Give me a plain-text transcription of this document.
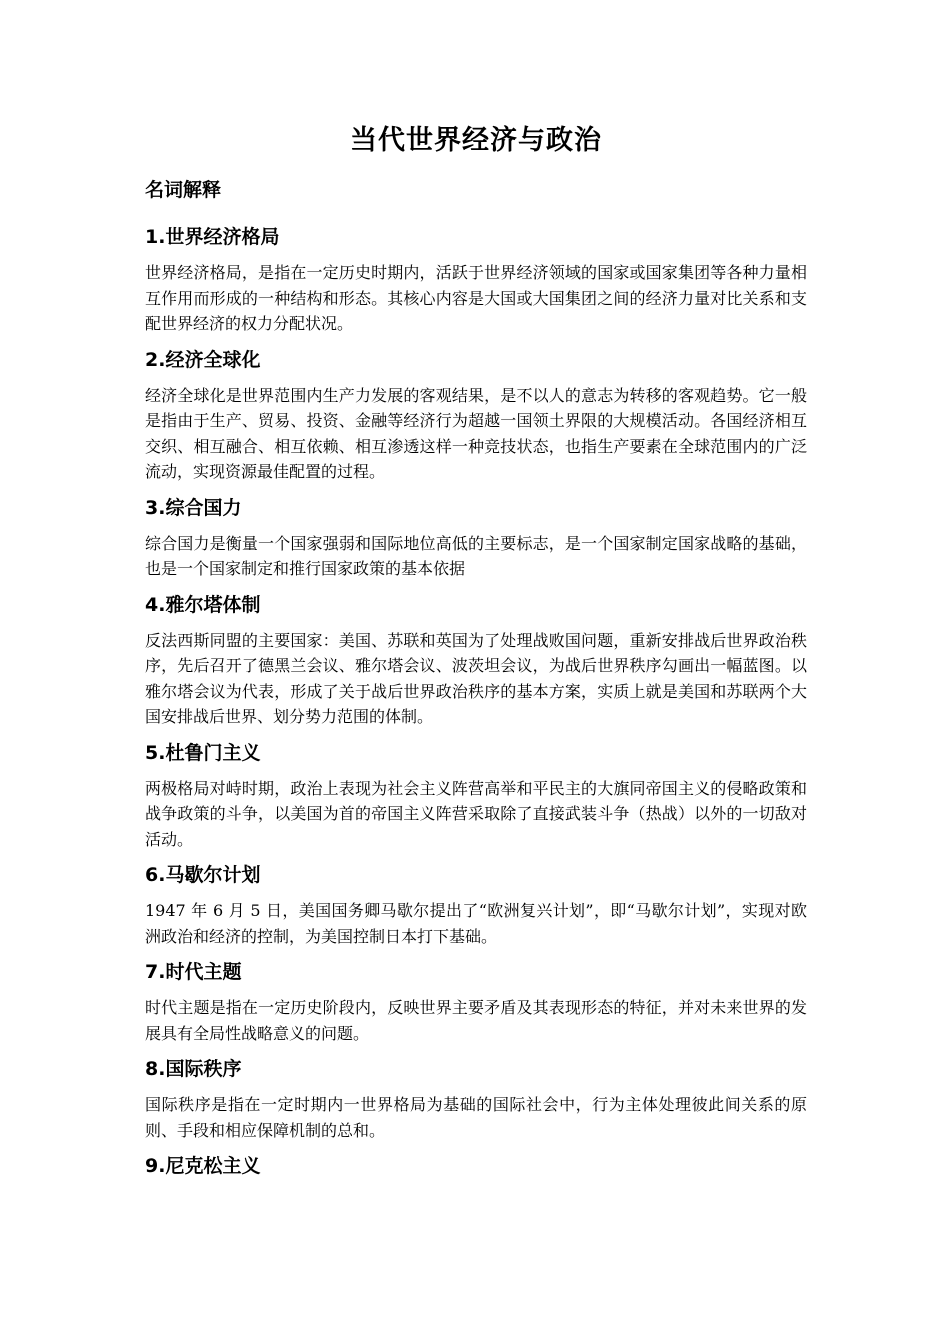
当代世界经济与政治
名词解释
1.世界经济格局

世界经济格局，是指在一定历史时期内，活跃于世界经济领域的国家或国家集团等各种力量相互作用而形成的一种结构和形态。其核心内容是大国或大国集团之间的经济力量对比关系和支配世界经济的权力分配状况。

2.经济全球化

经济全球化是世界范围内生产力发展的客观结果，是不以人的意志为转移的客观趋势。它一般是指由于生产、贸易、投资、金融等经济行为超越一国领土界限的大规模活动。各国经济相互交织、相互融合、相互依赖、相互渗透这样一种竞技状态，也指生产要素在全球范围内的广泛流动，实现资源最佳配置的过程。

3.综合国力

综合国力是衡量一个国家强弱和国际地位高低的主要标志，是一个国家制定国家战略的基础，也是一个国家制定和推行国家政策的基本依据

4.雅尔塔体制

反法西斯同盟的主要国家：美国、苏联和英国为了处理战败国问题，重新安排战后世界政治秩序，先后召开了德黑兰会议、雅尔塔会议、波茨坦会议，为战后世界秩序勾画出一幅蓝图。以雅尔塔会议为代表，形成了关于战后世界政治秩序的基本方案，实质上就是美国和苏联两个大国安排战后世界、划分势力范围的体制。

5.杜鲁门主义

两极格局对峙时期，政治上表现为社会主义阵营高举和平民主的大旗同帝国主义的侵略政策和战争政策的斗争，以美国为首的帝国主义阵营采取除了直接武装斗争（热战）以外的一切敌对活动。

6.马歇尔计划

1947 年 6 月 5 日，美国国务卿马歇尔提出了“欧洲复兴计划”，即“马歇尔计划”，实现对欧洲政治和经济的控制，为美国控制日本打下基础。

7.时代主题

时代主题是指在一定历史阶段内，反映世界主要矛盾及其表现形态的特征，并对未来世界的发展具有全局性战略意义的问题。

8.国际秩序

国际秩序是指在一定时期内一世界格局为基础的国际社会中，行为主体处理彼此间关系的原则、手段和相应保障机制的总和。

9.尼克松主义
